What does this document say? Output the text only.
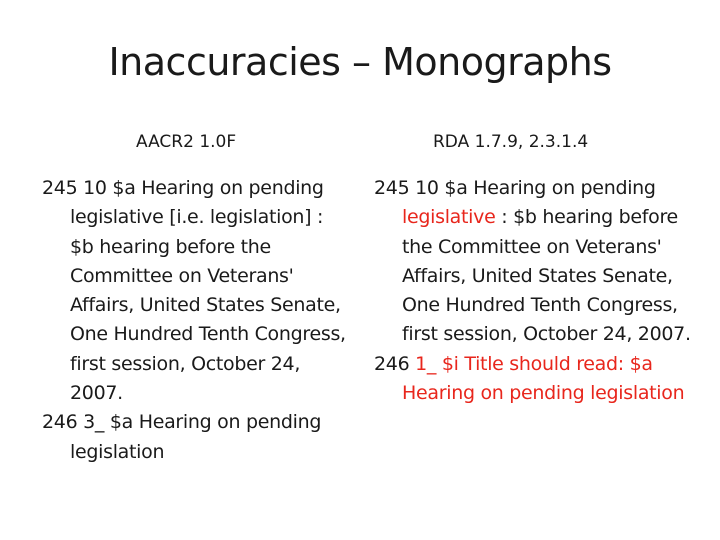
Inaccuracies – Monographs
AACR2 1.0F	RDA 1.7.9, 2.3.1.4

245 10 $a Hearing on pending legislative [i.e. legislation] : $b hearing before the Committee on Veterans' Affairs, United States Senate, One Hundred Tenth Congress, first session, October 24, 2007.

246 3_ $a Hearing on pending legislation

245 10 $a Hearing on pending legislative : $b hearing before the Committee on Veterans' Affairs, United States Senate, One Hundred Tenth Congress, first session, October 24, 2007.

246 1_ $i Title should read: $a Hearing on pending legislation
